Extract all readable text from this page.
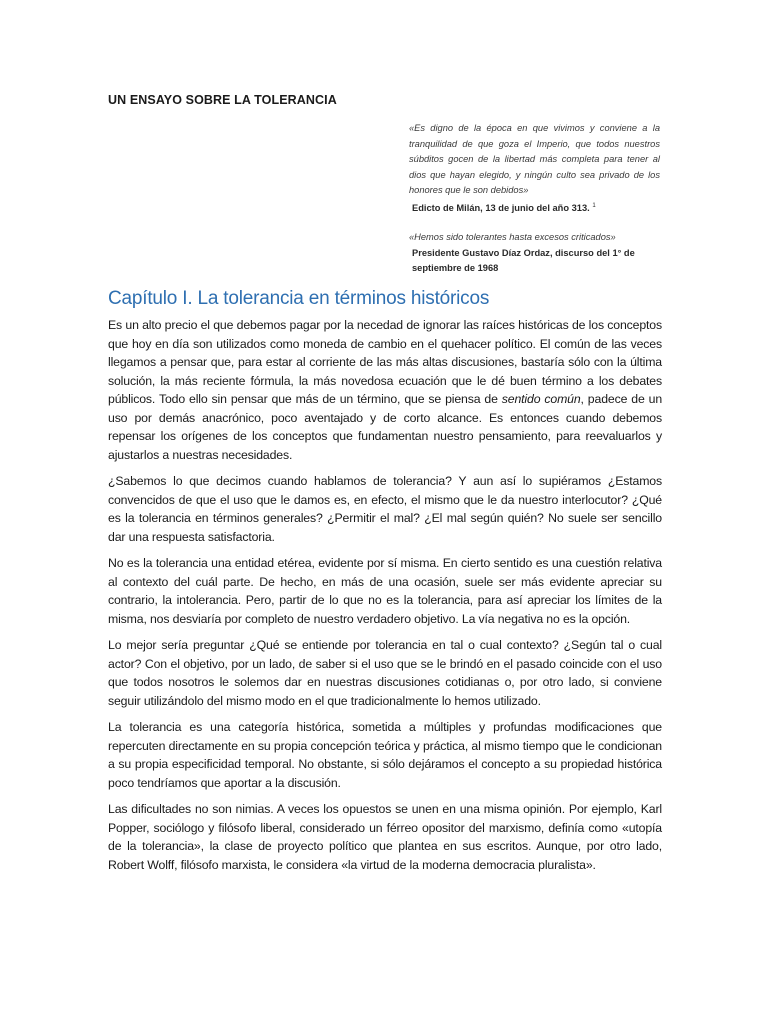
UN ENSAYO SOBRE LA TOLERANCIA
«Es digno de la época en que vivimos y conviene a la tranquilidad de que goza el Imperio, que todos nuestros súbditos gocen de la libertad más completa para tener al dios que hayan elegido, y ningún culto sea privado de los honores que le son debidos»
Edicto de Milán, 13 de junio del año 313. $^1$
«Hemos sido tolerantes hasta excesos criticados»
Presidente Gustavo Díaz Ordaz, discurso del 1° de septiembre de 1968
Capítulo I. La tolerancia en términos históricos

Es un alto precio el que debemos pagar por la necedad de ignorar las raíces históricas de los conceptos que hoy en día son utilizados como moneda de cambio en el quehacer político. El común de las veces llegamos a pensar que, para estar al corriente de las más altas discusiones, bastaría sólo con la última solución, la más reciente fórmula, la más novedosa ecuación que le dé buen término a los debates públicos. Todo ello sin pensar que más de un término, que se piensa de sentido común, padece de un uso por demás anacrónico, poco aventajado y de corto alcance. Es entonces cuando debemos repensar los orígenes de los conceptos que fundamentan nuestro pensamiento, para reevaluarlos y ajustarlos a nuestras necesidades.

¿Sabemos lo que decimos cuando hablamos de tolerancia? Y aun así lo supiéramos ¿Estamos convencidos de que el uso que le damos es, en efecto, el mismo que le da nuestro interlocutor? ¿Qué es la tolerancia en términos generales? ¿Permitir el mal? ¿El mal según quién? No suele ser sencillo dar una respuesta satisfactoria.

No es la tolerancia una entidad etérea, evidente por sí misma. En cierto sentido es una cuestión relativa al contexto del cuál parte. De hecho, en más de una ocasión, suele ser más evidente apreciar su contrario, la intolerancia. Pero, partir de lo que no es la tolerancia, para así apreciar los límites de la misma, nos desviaría por completo de nuestro verdadero objetivo. La vía negativa no es la opción.

Lo mejor sería preguntar ¿Qué se entiende por tolerancia en tal o cual contexto? ¿Según tal o cual actor? Con el objetivo, por un lado, de saber si el uso que se le brindó en el pasado coincide con el uso que todos nosotros le solemos dar en nuestras discusiones cotidianas o, por otro lado, si conviene seguir utilizándolo del mismo modo en el que tradicionalmente lo hemos utilizado.

La tolerancia es una categoría histórica, sometida a múltiples y profundas modificaciones que repercuten directamente en su propia concepción teórica y práctica, al mismo tiempo que le condicionan a su propia especificidad temporal. No obstante, si sólo dejáramos el concepto a su propiedad histórica poco tendríamos que aportar a la discusión.

Las dificultades no son nimias. A veces los opuestos se unen en una misma opinión. Por ejemplo, Karl Popper, sociólogo y filósofo liberal, considerado un férreo opositor del marxismo, definía como «utopía de la tolerancia», la clase de proyecto político que plantea en sus escritos. Aunque, por otro lado, Robert Wolff, filósofo marxista, le considera «la virtud de la moderna democracia pluralista».
